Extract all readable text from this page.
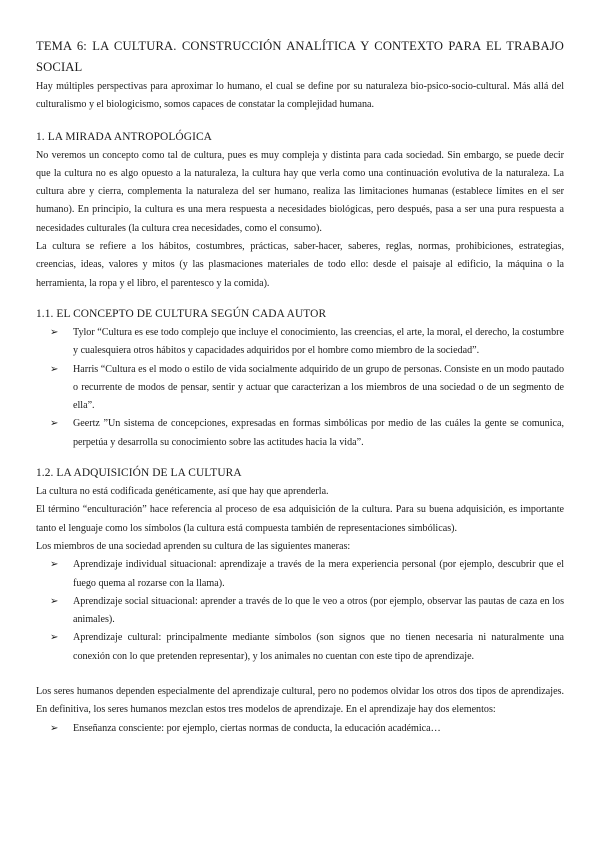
TEMA 6: LA CULTURA. CONSTRUCCIÓN ANALÍTICA Y CONTEXTO PARA EL TRABAJO SOCIAL

Hay múltiples perspectivas para aproximar lo humano, el cual se define por su naturaleza bio-psico-socio-cultural. Más allá del culturalismo y el biologicismo, somos capaces de constatar la complejidad humana.

1. LA MIRADA ANTROPOLÓGICA

No veremos un concepto como tal de cultura, pues es muy compleja y distinta para cada sociedad. Sin embargo, se puede decir que la cultura no es algo opuesto a la naturaleza, la cultura hay que verla como una continuación evolutiva de la naturaleza. La cultura abre y cierra, complementa la naturaleza del ser humano, realiza las limitaciones humanas (establece límites en el ser humano). En principio, la cultura es una mera respuesta a necesidades biológicas, pero después, pasa a ser una pura respuesta a necesidades culturales (la cultura crea necesidades, como el consumo).

La cultura se refiere a los hábitos, costumbres, prácticas, saber-hacer, saberes, reglas, normas, prohibiciones, estrategias, creencias, ideas, valores y mitos (y las plasmaciones materiales de todo ello: desde el paisaje al edificio, la máquina o la herramienta, la ropa y el libro, el parentesco y la comida).

1.1. EL CONCEPTO DE CULTURA SEGÚN CADA AUTOR

➢ Tylor “Cultura es ese todo complejo que incluye el conocimiento, las creencias, el arte, la moral, el derecho, la costumbre y cualesquiera otros hábitos y capacidades adquiridos por el hombre como miembro de la sociedad”.
➢ Harris “Cultura es el modo o estilo de vida socialmente adquirido de un grupo de personas. Consiste en un modo pautado o recurrente de modos de pensar, sentir y actuar que caracterizan a los miembros de una sociedad o de un segmento de ella”.
➢ Geertz ”Un sistema de concepciones, expresadas en formas simbólicas por medio de las cuáles la gente se comunica, perpetúa y desarrolla su conocimiento sobre las actitudes hacia la vida”.

1.2. LA ADQUISICIÓN DE LA CULTURA

La cultura no está codificada genéticamente, así que hay que aprenderla.

El término “enculturación” hace referencia al proceso de esa adquisición de la cultura. Para su buena adquisición, es importante tanto el lenguaje como los símbolos (la cultura está compuesta también de representaciones simbólicas).

Los miembros de una sociedad aprenden su cultura de las siguientes maneras:

➢ Aprendizaje individual situacional: aprendizaje a través de la mera experiencia personal (por ejemplo, descubrir que el fuego quema al rozarse con la llama).
➢ Aprendizaje social situacional: aprender a través de lo que le veo a otros (por ejemplo, observar las pautas de caza en los animales).
➢ Aprendizaje cultural: principalmente mediante símbolos (son signos que no tienen necesaria ni naturalmente una conexión con lo que pretenden representar), y los animales no cuentan con este tipo de aprendizaje.

Los seres humanos dependen especialmente del aprendizaje cultural, pero no podemos olvidar los otros dos tipos de aprendizajes. En definitiva, los seres humanos mezclan estos tres modelos de aprendizaje. En el aprendizaje hay dos elementos:

➢ Enseñanza consciente: por ejemplo, ciertas normas de conducta, la educación académica…
